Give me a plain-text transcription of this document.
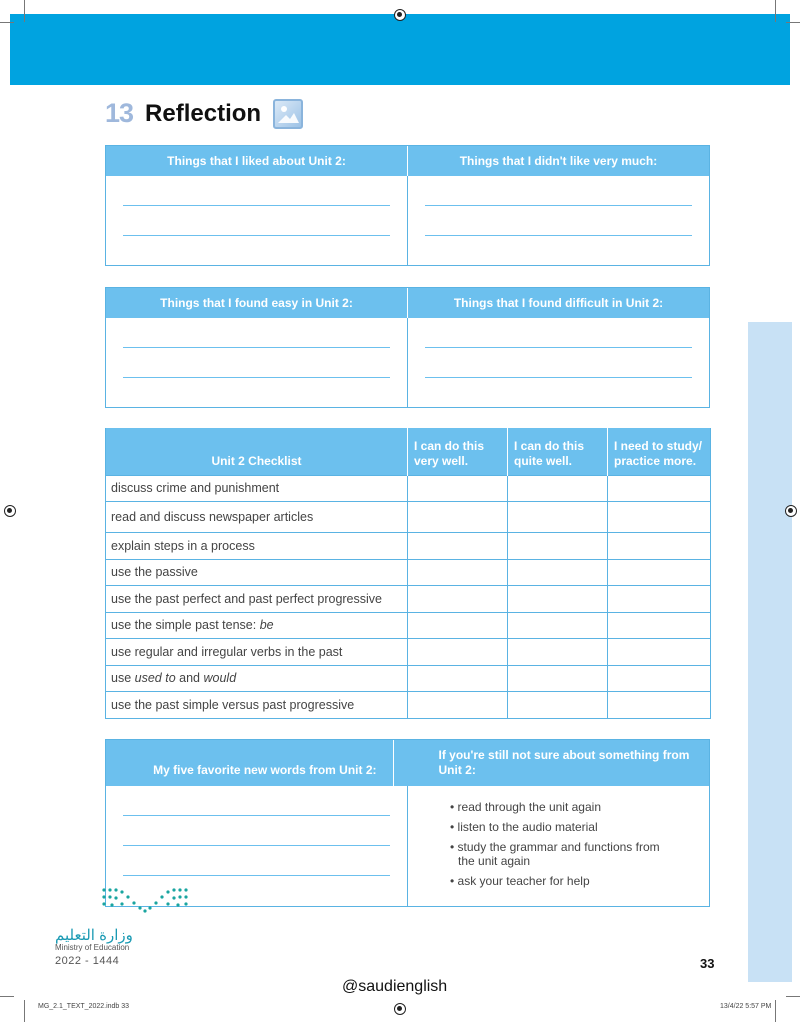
13 Reflection
Things that I liked about Unit 2:	Things that I didn't like very much:
Things that I found easy in Unit 2:	Things that I found difficult in Unit 2:
Unit 2 Checklist	I can do this very well.	I can do this quite well.	I need to study/ practice more.
discuss crime and punishment			
read and discuss newspaper articles			
explain steps in a process			
use the passive			
use the past perfect and past perfect progressive			
use the simple past tense: be			
use regular and irregular verbs in the past			
use used to and would			
use the past simple versus past progressive			
My five favorite new words from Unit 2:
If you're still not sure about something from Unit 2:
• read through the unit again
• listen to the audio material
• study the grammar and functions from the unit again
• ask your teacher for help
وزارة التعليم
Ministry of Education
2022 - 1444	33
@saudienglish
MG_2.1_TEXT_2022.indb 33	13/4/22 5:57 PM
